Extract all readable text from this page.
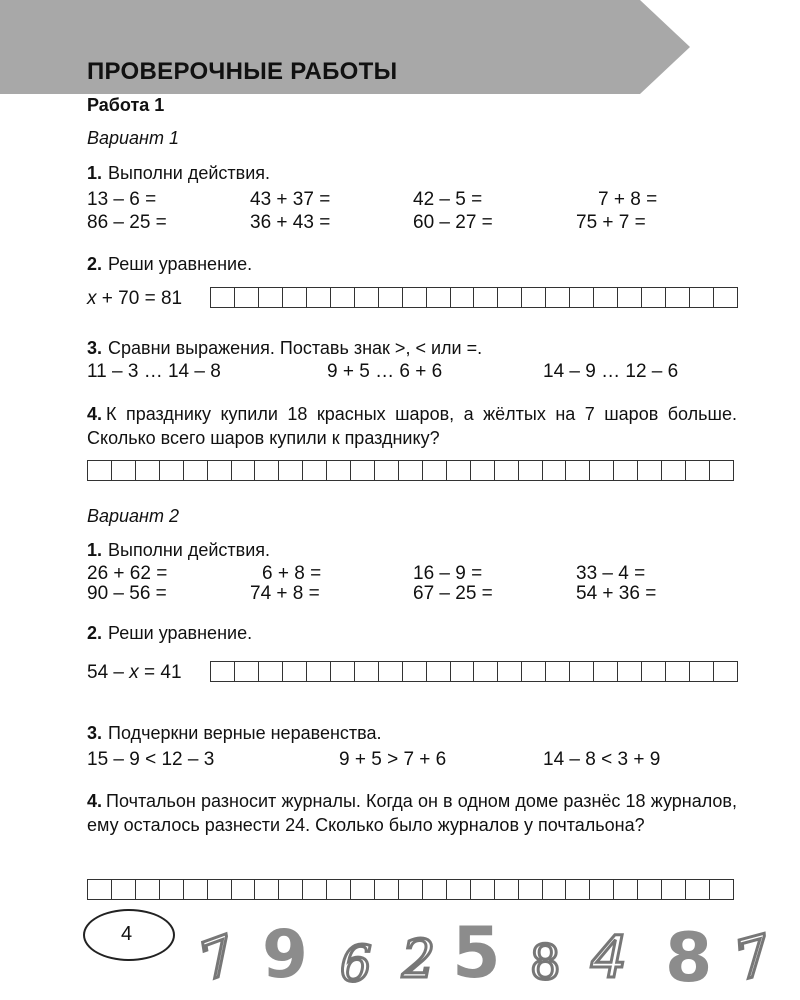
ПРОВЕРОЧНЫЕ РАБОТЫ
Работа 1
Вариант 1
1. Выполни действия.
13 – 6 =	43 + 37 =	42 – 5 =	7 + 8 =
86 – 25 =	36 + 43 =	60 – 27 =	75 + 7 =
2. Реши уравнение.
x + 70 = 81
3. Сравни выражения. Поставь знак >, < или =.
11 – 3 … 14 – 8	9 + 5 … 6 + 6	14 – 9 … 12 – 6
4. К празднику купили 18 красных шаров, а жёлтых на 7 шаров больше. Сколько всего шаров купили к празднику?
Вариант 2
1. Выполни действия.
26 + 62 =	6 + 8 =	16 – 9 =	33 – 4 =
90 – 56 =	74 + 8 =	67 – 25 =	54 + 36 =
2. Реши уравнение.
54 – x = 41
3. Подчеркни верные неравенства.
15 – 9 < 12 – 3	9 + 5 > 7 + 6	14 – 8 < 3 + 9
4. Почтальон разносит журналы. Когда он в одном доме разнёс 18 журналов, ему осталось разнести 24. Сколько было журналов у почтальона?
4 7 9 6 2 5 8 4 8 7
